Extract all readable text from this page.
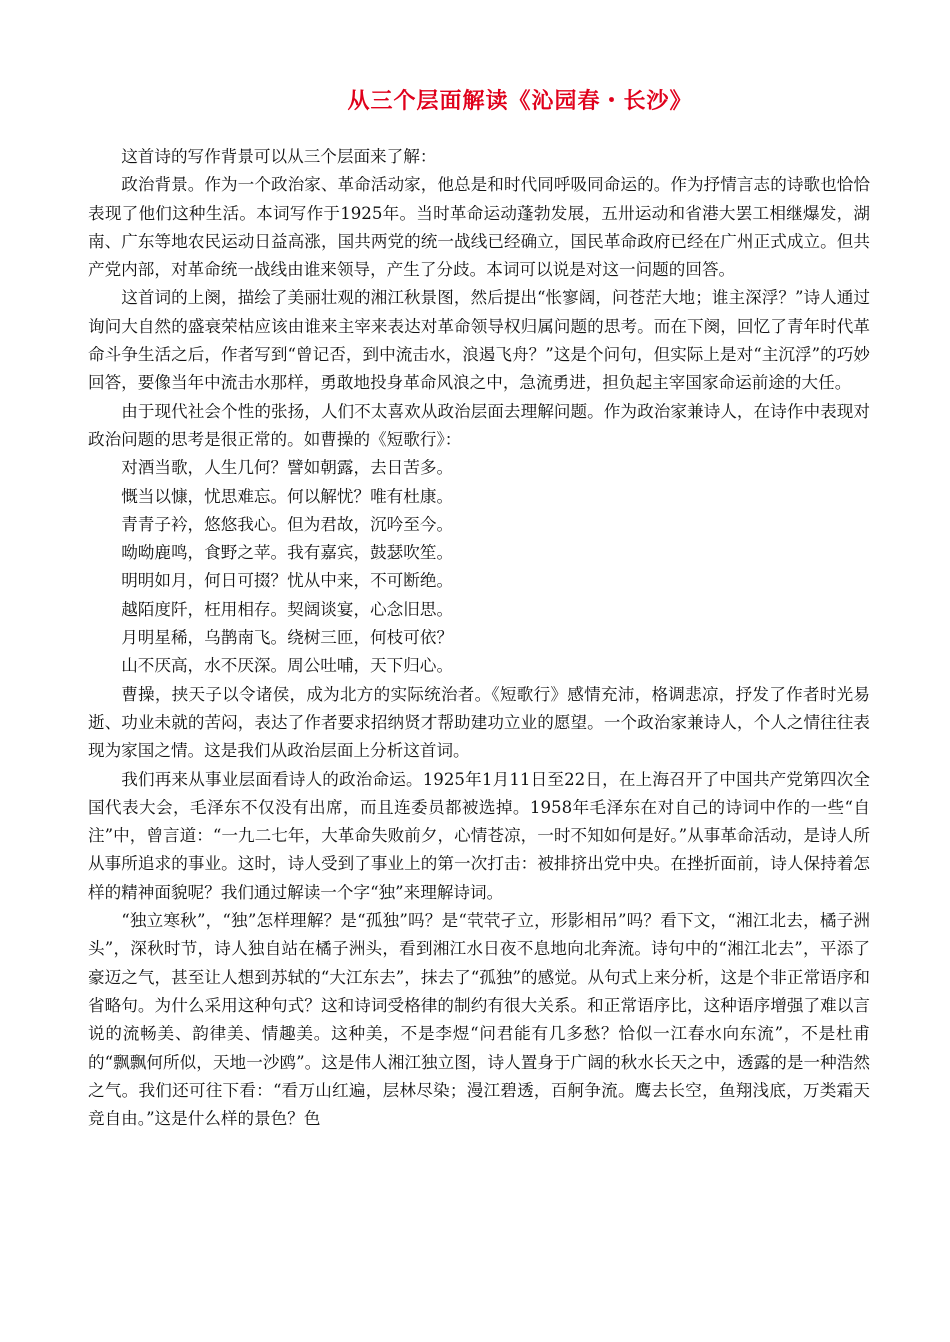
从三个层面解读《沁园春・长沙》

这首诗的写作背景可以从三个层面来了解：

政治背景。作为一个政治家、革命活动家，他总是和时代同呼吸同命运的。作为抒情言志的诗歌也恰恰表现了他们这种生活。本词写作于1925年。当时革命运动蓬勃发展，五卅运动和省港大罢工相继爆发，湖南、广东等地农民运动日益高涨，国共两党的统一战线已经确立，国民革命政府已经在广州正式成立。但共产党内部，对革命统一战线由谁来领导，产生了分歧。本词可以说是对这一问题的回答。

这首词的上阕，描绘了美丽壮观的湘江秋景图，然后提出“怅寥阔，问苍茫大地；谁主深浮？”诗人通过询问大自然的盛衰荣枯应该由谁来主宰来表达对革命领导权归属问题的思考。而在下阕，回忆了青年时代革命斗争生活之后，作者写到“曾记否，到中流击水，浪遏飞舟？”这是个问句，但实际上是对“主沉浮”的巧妙回答，要像当年中流击水那样，勇敢地投身革命风浪之中，急流勇进，担负起主宰国家命运前途的大任。

由于现代社会个性的张扬，人们不太喜欢从政治层面去理解问题。作为政治家兼诗人，在诗作中表现对政治问题的思考是很正常的。如曹操的《短歌行》：

对酒当歌，人生几何？譬如朝露，去日苦多。
慨当以慷，忧思难忘。何以解忧？唯有杜康。
青青子衿，悠悠我心。但为君故，沉吟至今。
呦呦鹿鸣，食野之苹。我有嘉宾，鼓瑟吹笙。
明明如月，何日可掇？忧从中来，不可断绝。
越陌度阡，枉用相存。契阔谈宴，心念旧思。
月明星稀，乌鹊南飞。绕树三匝，何枝可依？
山不厌高，水不厌深。周公吐哺，天下归心。

曹操，挟天子以令诸侯，成为北方的实际统治者。《短歌行》感情充沛，格调悲凉，抒发了作者时光易逝、功业未就的苦闷，表达了作者要求招纳贤才帮助建功立业的愿望。一个政治家兼诗人，个人之情往往表现为家国之情。这是我们从政治层面上分析这首词。

我们再来从事业层面看诗人的政治命运。1925年1月11日至22日，在上海召开了中国共产党第四次全国代表大会，毛泽东不仅没有出席，而且连委员都被选掉。1958年毛泽东在对自己的诗词中作的一些“自注”中，曾言道：“一九二七年，大革命失败前夕，心情苍凉，一时不知如何是好。”从事革命活动，是诗人所从事所追求的事业。这时，诗人受到了事业上的第一次打击：被排挤出党中央。在挫折面前，诗人保持着怎样的精神面貌呢？我们通过解读一个字“独”来理解诗词。

“独立寒秋”，“独”怎样理解？是“孤独”吗？是“茕茕孑立，形影相吊”吗？看下文，“湘江北去，橘子洲头”，深秋时节，诗人独自站在橘子洲头，看到湘江水日夜不息地向北奔流。诗句中的“湘江北去”，平添了豪迈之气，甚至让人想到苏轼的“大江东去”，抹去了“孤独”的感觉。从句式上来分析，这是个非正常语序和省略句。为什么采用这种句式？这和诗词受格律的制约有很大关系。和正常语序比，这种语序增强了难以言说的流畅美、韵律美、情趣美。这种美，不是李煜“问君能有几多愁？恰似一江春水向东流”，不是杜甫的“飘飘何所似，天地一沙鸥”。这是伟人湘江独立图，诗人置身于广阔的秋水长天之中，透露的是一种浩然之气。我们还可往下看：“看万山红遍，层林尽染；漫江碧透，百舸争流。鹰去长空，鱼翔浅底，万类霜天竞自由。”这是什么样的景色？色
